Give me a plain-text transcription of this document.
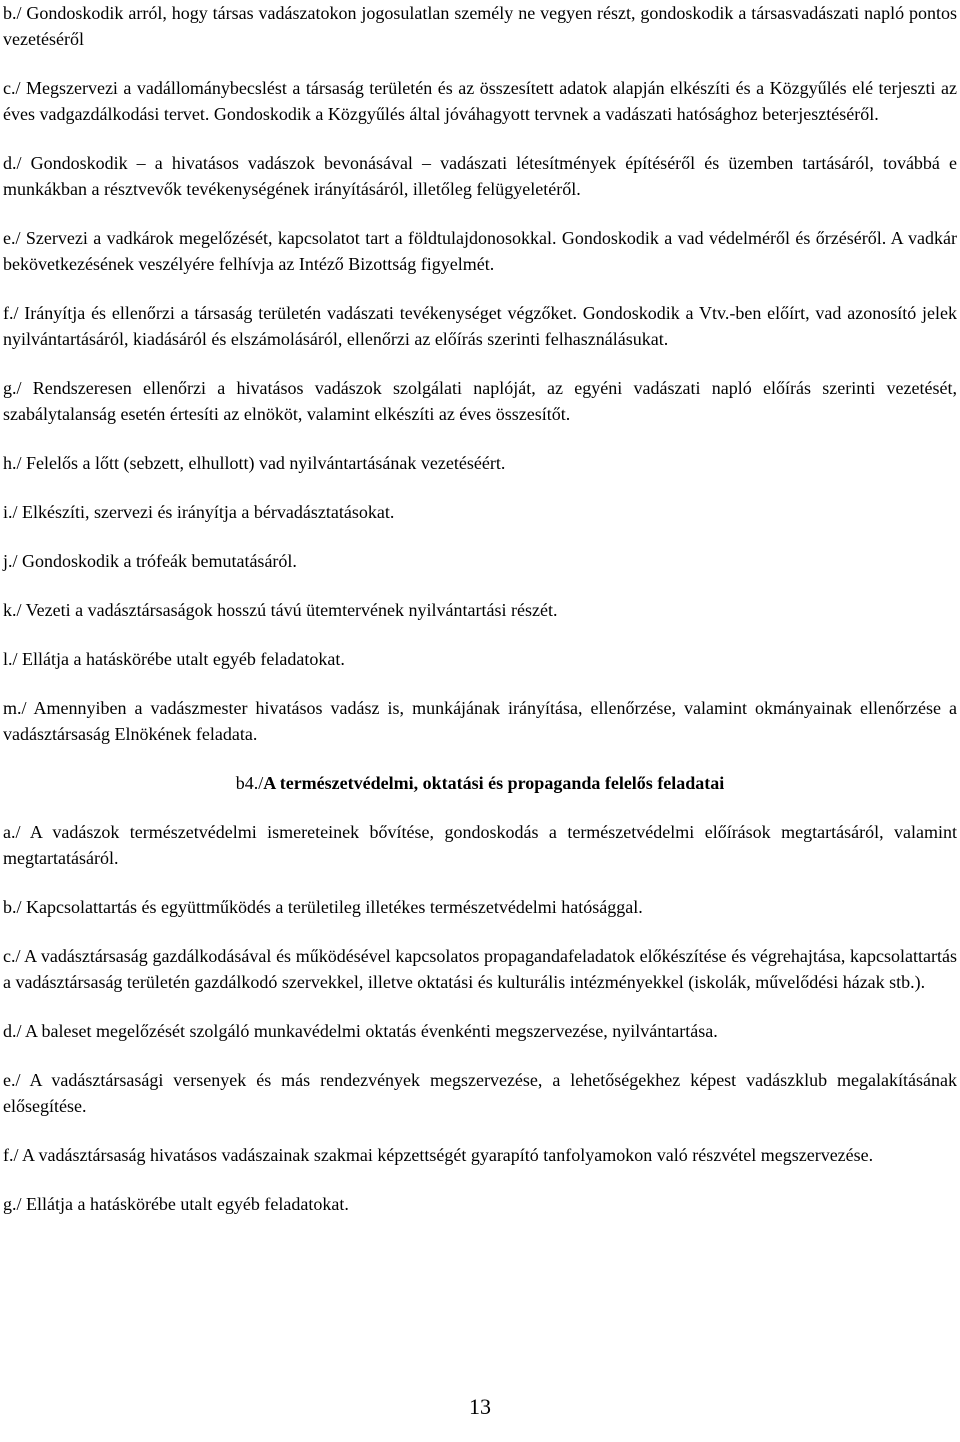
b./ Gondoskodik arról, hogy társas vadászatokon jogosulatlan személy ne vegyen részt, gondoskodik a társasvadászati napló pontos vezetéséről

c./ Megszervezi a vadállománybecslést a társaság területén és az összesített adatok alapján elkészíti és a Közgyűlés elé terjeszti az éves vadgazdálkodási tervet. Gondoskodik a Közgyűlés által jóváhagyott tervnek a vadászati hatósághoz beterjesztéséről.

d./ Gondoskodik – a hivatásos vadászok bevonásával – vadászati létesítmények építéséről és üzemben tartásáról, továbbá e munkákban a résztvevők tevékenységének irányításáról, illetőleg felügyeletéről.

e./ Szervezi a vadkárok megelőzését, kapcsolatot tart a földtulajdonosokkal. Gondoskodik a vad védelméről és őrzéséről. A vadkár bekövetkezésének veszélyére felhívja az Intéző Bizottság figyelmét.

f./ Irányítja és ellenőrzi a társaság területén vadászati tevékenységet végzőket. Gondoskodik a Vtv.-ben előírt, vad azonosító jelek nyilvántartásáról, kiadásáról és elszámolásáról, ellenőrzi az előírás szerinti felhasználásukat.

g./ Rendszeresen ellenőrzi a hivatásos vadászok szolgálati naplóját, az egyéni vadászati napló előírás szerinti vezetését, szabálytalanság esetén értesíti az elnököt, valamint elkészíti az éves összesítőt.

h./ Felelős a lőtt (sebzett, elhullott) vad nyilvántartásának vezetéséért.

i./ Elkészíti, szervezi és irányítja a bérvadásztatásokat.

j./ Gondoskodik a trófeák bemutatásáról.

k./ Vezeti a vadásztársaságok hosszú távú ütemtervének nyilvántartási részét.

l./ Ellátja a hatáskörébe utalt egyéb feladatokat.

m./ Amennyiben a vadászmester hivatásos vadász is, munkájának irányítása, ellenőrzése, valamint okmányainak ellenőrzése a vadásztársaság Elnökének feladata.

b4./A természetvédelmi, oktatási és propaganda felelős feladatai

a./ A vadászok természetvédelmi ismereteinek bővítése, gondoskodás a természetvédelmi előírások megtartásáról, valamint megtartatásáról.

b./ Kapcsolattartás és együttműködés a területileg illetékes természetvédelmi hatósággal.

c./ A vadásztársaság gazdálkodásával és működésével kapcsolatos propagandafeladatok előkészítése és végrehajtása, kapcsolattartás a vadásztársaság területén gazdálkodó szervekkel, illetve oktatási és kulturális intézményekkel (iskolák, művelődési házak stb.).

d./ A baleset megelőzését szolgáló munkavédelmi oktatás évenkénti megszervezése, nyilvántartása.

e./ A vadásztársasági versenyek és más rendezvények megszervezése, a lehetőségekhez képest vadászklub megalakításának elősegítése.

f./ A vadásztársaság hivatásos vadászainak szakmai képzettségét gyarapító tanfolyamokon való részvétel megszervezése.

g./ Ellátja a hatáskörébe utalt egyéb feladatokat.

13
